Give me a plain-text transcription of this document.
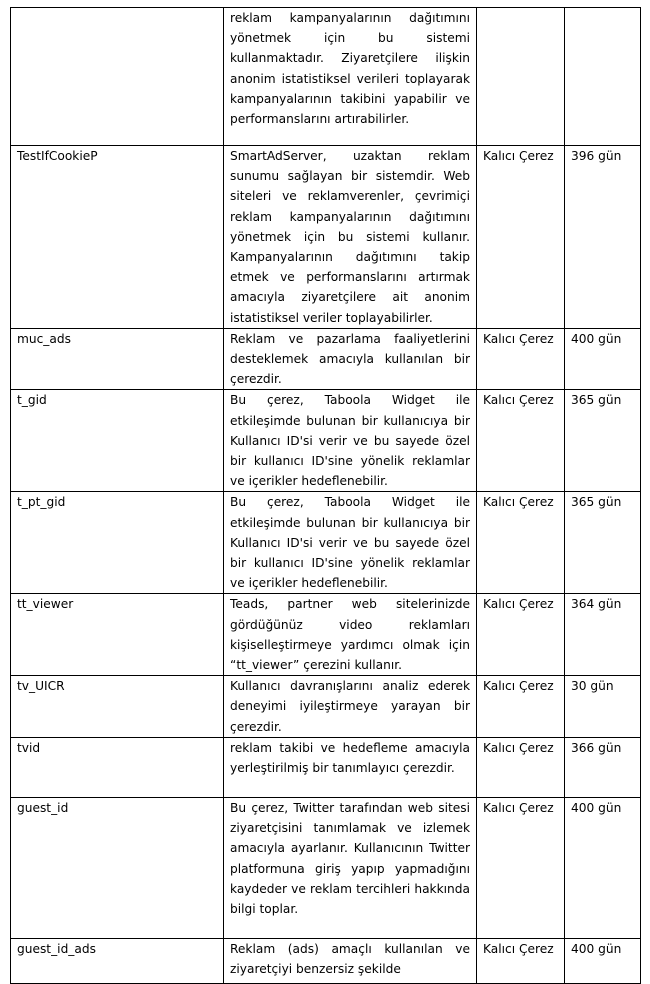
	reklam kampanyalarının dağıtımını yönetmek için bu sistemi kullanmaktadır. Ziyaretçilere ilişkin anonim istatistiksel verileri toplayarak kampanyalarının takibini yapabilir ve performanslarını artırabilirler.		
TestIfCookieP	SmartAdServer, uzaktan reklam sunumu sağlayan bir sistemdir. Web siteleri ve reklamverenler, çevrimiçi reklam kampanyalarının dağıtımını yönetmek için bu sistemi kullanır. Kampanyalarının dağıtımını takip etmek ve performanslarını artırmak amacıyla ziyaretçilere ait anonim istatistiksel veriler toplayabilirler.	Kalıcı Çerez	396 gün
muc_ads	Reklam ve pazarlama faaliyetlerini desteklemek amacıyla kullanılan bir çerezdir.	Kalıcı Çerez	400 gün
t_gid	Bu çerez, Taboola Widget ile etkileşimde bulunan bir kullanıcıya bir Kullanıcı ID'si verir ve bu sayede özel bir kullanıcı ID'sine yönelik reklamlar ve içerikler hedeflenebilir.	Kalıcı Çerez	365 gün
t_pt_gid	Bu çerez, Taboola Widget ile etkileşimde bulunan bir kullanıcıya bir Kullanıcı ID'si verir ve bu sayede özel bir kullanıcı ID'sine yönelik reklamlar ve içerikler hedeflenebilir.	Kalıcı Çerez	365 gün
tt_viewer	Teads, partner web sitelerinizde gördüğünüz video reklamları kişiselleştirmeye yardımcı olmak için “tt_viewer” çerezini kullanır.	Kalıcı Çerez	364 gün
tv_UICR	Kullanıcı davranışlarını analiz ederek deneyimi iyileştirmeye yarayan bir çerezdir.	Kalıcı Çerez	30 gün
tvid	reklam takibi ve hedefleme amacıyla yerleştirilmiş bir tanımlayıcı çerezdir.	Kalıcı Çerez	366 gün
guest_id	Bu çerez, Twitter tarafından web sitesi ziyaretçisini tanımlamak ve izlemek amacıyla ayarlanır. Kullanıcının Twitter platformuna giriş yapıp yapmadığını kaydeder ve reklam tercihleri hakkında bilgi toplar.	Kalıcı Çerez	400 gün
guest_id_ads	Reklam (ads) amaçlı kullanılan ve ziyaretçiyi benzersiz şekilde	Kalıcı Çerez	400 gün
